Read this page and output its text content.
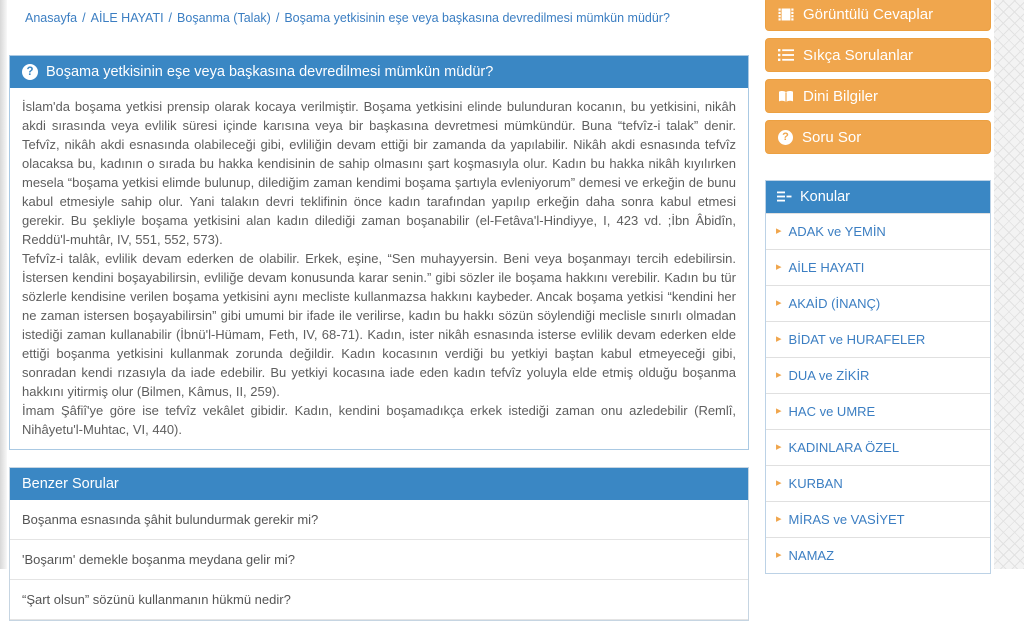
Anasayfa / AİLE HAYATI / Boşanma (Talak) / Boşama yetkisinin eşe veya başkasına devredilmesi mümkün müdür?
? Boşama yetkisinin eşe veya başkasına devredilmesi mümkün müdür?

İslam'da boşama yetkisi prensip olarak kocaya verilmiştir. Boşama yetkisini elinde bulunduran kocanın, bu yetkisini, nikâh akdi sırasında veya evlilik süresi içinde karısına veya bir başkasına devretmesi mümkündür. Buna “tefvîz-i talak” denir. Tefvîz, nikâh akdi esnasında olabileceği gibi, evliliğin devam ettiği bir zamanda da yapılabilir. Nikâh akdi esnasında tefvîz olacaksa bu, kadının o sırada bu hakka kendisinin de sahip olmasını şart koşmasıyla olur. Kadın bu hakka nikâh kıyılırken mesela “boşama yetkisi elimde bulunup, dilediğim zaman kendimi boşama şartıyla evleniyorum” demesi ve erkeğin de bunu kabul etmesiyle sahip olur. Yani talakın devri teklifinin önce kadın tarafından yapılıp erkeğin daha sonra kabul etmesi gerekir. Bu şekliyle boşama yetkisini alan kadın dilediği zaman boşanabilir (el-Fetâva'l-Hindiyye, I, 423 vd. ;İbn Âbidîn, Reddü'l-muhtâr, IV, 551, 552, 573).

Tefvîz-i talâk, evlilik devam ederken de olabilir. Erkek, eşine, “Sen muhayyersin. Beni veya boşanmayı tercih edebilirsin. İstersen kendini boşayabilirsin, evliliğe devam konusunda karar senin.” gibi sözler ile boşama hakkını verebilir. Kadın bu tür sözlerle kendisine verilen boşama yetkisini aynı mecliste kullanmazsa hakkını kaybeder. Ancak boşama yetkisi “kendini her ne zaman istersen boşayabilirsin” gibi umumi bir ifade ile verilirse, kadın bu hakkı sözün söylendiği meclisle sınırlı olmadan istediği zaman kullanabilir (İbnü'l-Hümam, Feth, IV, 68-71). Kadın, ister nikâh esnasında isterse evlilik devam ederken elde ettiği boşanma yetkisini kullanmak zorunda değildir. Kadın kocasının verdiği bu yetkiyi baştan kabul etmeyeceği gibi, sonradan kendi rızasıyla da iade edebilir. Bu yetkiyi kocasına iade eden kadın tefvîz yoluyla elde etmiş olduğu boşanma hakkını yitirmiş olur (Bilmen, Kâmus, II, 259).

İmam Şâfiî'ye göre ise tefvîz vekâlet gibidir. Kadın, kendini boşamadıkça erkek istediği zaman onu azledebilir (Remlî, Nihâyetu'l-Muhtac, VI, 440).

Benzer Sorular
Boşanma esnasında şâhit bulundurmak gerekir mi?
'Boşarım' demekle boşanma meydana gelir mi?
“Şart olsun” sözünü kullanmanın hükmü nedir?
Görüntülü Cevaplar
Sıkça Sorulanlar
Dini Bilgiler
? Soru Sor
Konular
▸ ADAK ve YEMİN
▸ AİLE HAYATI
▸ AKAİD (İNANÇ)
▸ BİDAT ve HURAFELER
▸ DUA ve ZİKİR
▸ HAC ve UMRE
▸ KADINLARA ÖZEL
▸ KURBAN
▸ MİRAS ve VASİYET
▸ NAMAZ
